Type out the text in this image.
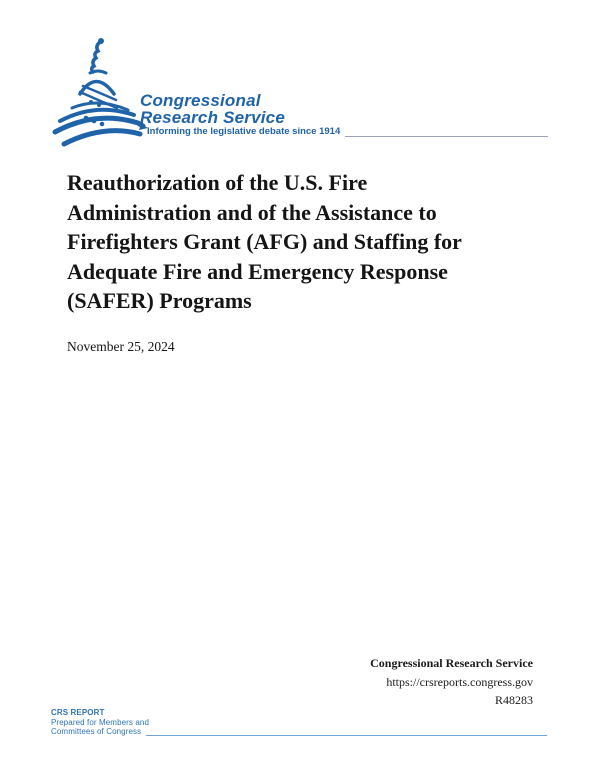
Congressional
Research Service
Informing the legislative debate since 1914
Reauthorization of the U.S. Fire
Administration and of the Assistance to
Firefighters Grant (AFG) and Staffing for
Adequate Fire and Emergency Response
(SAFER) Programs
November 25, 2024
Congressional Research Service
https://crsreports.congress.gov
R48283
CRS REPORT
Prepared for Members and
Committees of Congress
